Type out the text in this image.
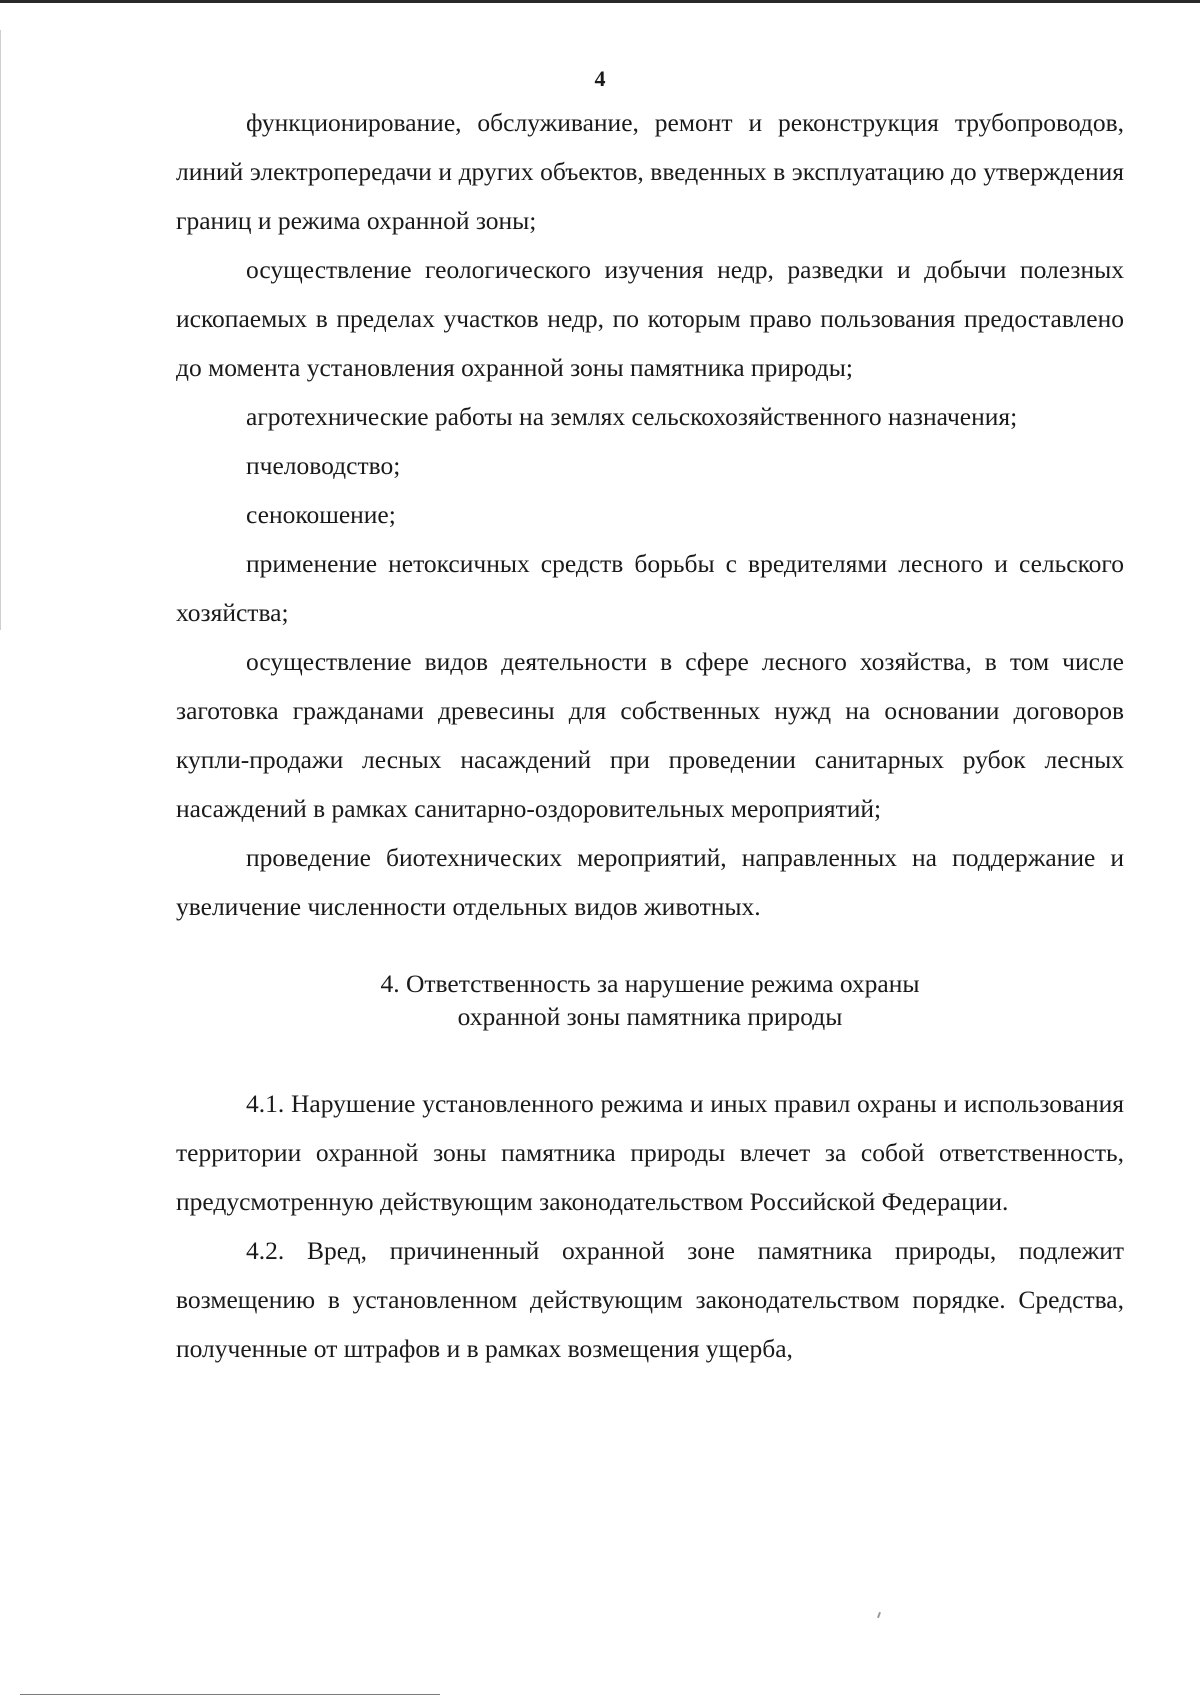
4

функционирование, обслуживание, ремонт и реконструкция трубопроводов, линий электропередачи и других объектов, введенных в эксплуатацию до утверждения границ и режима охранной зоны;

осуществление геологического изучения недр, разведки и добычи полезных ископаемых в пределах участков недр, по которым право пользования предоставлено до момента установления охранной зоны памятника природы;

агротехнические работы на землях сельскохозяйственного назначения;

пчеловодство;

сенокошение;

применение нетоксичных средств борьбы с вредителями лесного и сельского хозяйства;

осуществление видов деятельности в сфере лесного хозяйства, в том числе заготовка гражданами древесины для собственных нужд на основании договоров купли-продажи лесных насаждений при проведении санитарных рубок лесных насаждений в рамках санитарно-оздоровительных мероприятий;

проведение биотехнических мероприятий, направленных на поддержание и увеличение численности отдельных видов животных.

4. Ответственность за нарушение режима охраны
охранной зоны памятника природы

4.1. Нарушение установленного режима и иных правил охраны и использования территории охранной зоны памятника природы влечет за собой ответственность, предусмотренную действующим законодательством Российской Федерации.

4.2. Вред, причиненный охранной зоне памятника природы, подлежит возмещению в установленном действующим законодательством порядке. Средства, полученные от штрафов и в рамках возмещения ущерба,
